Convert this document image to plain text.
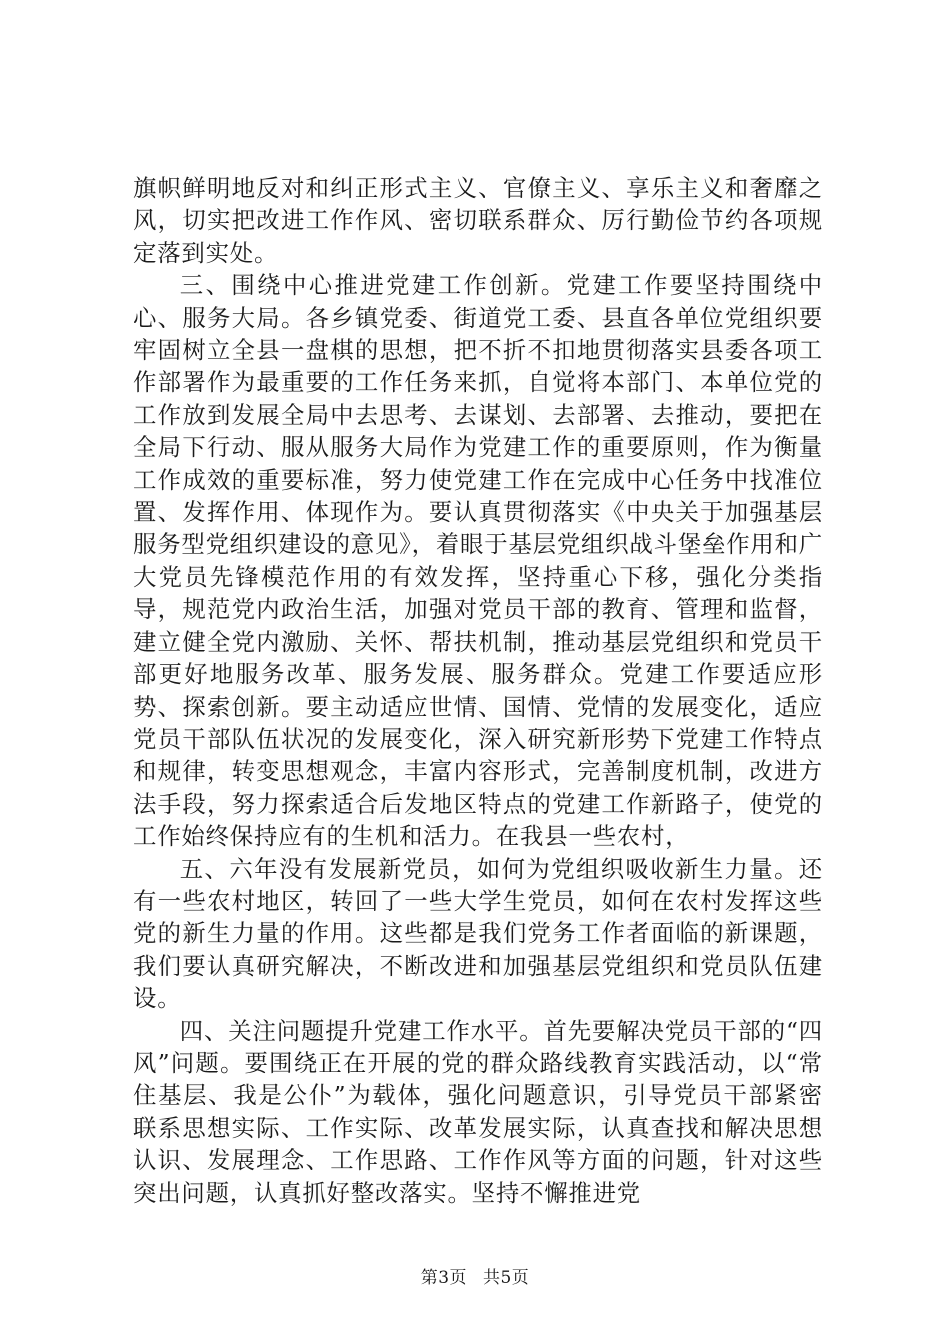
旗帜鲜明地反对和纠正形式主义、官僚主义、享乐主义和奢靡之风，切实把改进工作作风、密切联系群众、厉行勤俭节约各项规定落到实处。

三、围绕中心推进党建工作创新。党建工作要坚持围绕中心、服务大局。各乡镇党委、街道党工委、县直各单位党组织要牢固树立全县一盘棋的思想，把不折不扣地贯彻落实县委各项工作部署作为最重要的工作任务来抓，自觉将本部门、本单位党的工作放到发展全局中去思考、去谋划、去部署、去推动，要把在全局下行动、服从服务大局作为党建工作的重要原则，作为衡量工作成效的重要标准，努力使党建工作在完成中心任务中找准位置、发挥作用、体现作为。要认真贯彻落实《中央关于加强基层服务型党组织建设的意见》，着眼于基层党组织战斗堡垒作用和广大党员先锋模范作用的有效发挥，坚持重心下移，强化分类指导，规范党内政治生活，加强对党员干部的教育、管理和监督，建立健全党内激励、关怀、帮扶机制，推动基层党组织和党员干部更好地服务改革、服务发展、服务群众。党建工作要适应形势、探索创新。要主动适应世情、国情、党情的发展变化，适应党员干部队伍状况的发展变化，深入研究新形势下党建工作特点和规律，转变思想观念，丰富内容形式，完善制度机制，改进方法手段，努力探索适合后发地区特点的党建工作新路子，使党的工作始终保持应有的生机和活力。在我县一些农村，

五、六年没有发展新党员，如何为党组织吸收新生力量。还有一些农村地区，转回了一些大学生党员，如何在农村发挥这些党的新生力量的作用。这些都是我们党务工作者面临的新课题，我们要认真研究解决，不断改进和加强基层党组织和党员队伍建设。

四、关注问题提升党建工作水平。首先要解决党员干部的“四风”问题。要围绕正在开展的党的群众路线教育实践活动，以“常住基层、我是公仆”为载体，强化问题意识，引导党员干部紧密联系思想实际、工作实际、改革发展实际，认真查找和解决思想认识、发展理念、工作思路、工作作风等方面的问题，针对这些突出问题，认真抓好整改落实。坚持不懈推进党

第3页 共5页
